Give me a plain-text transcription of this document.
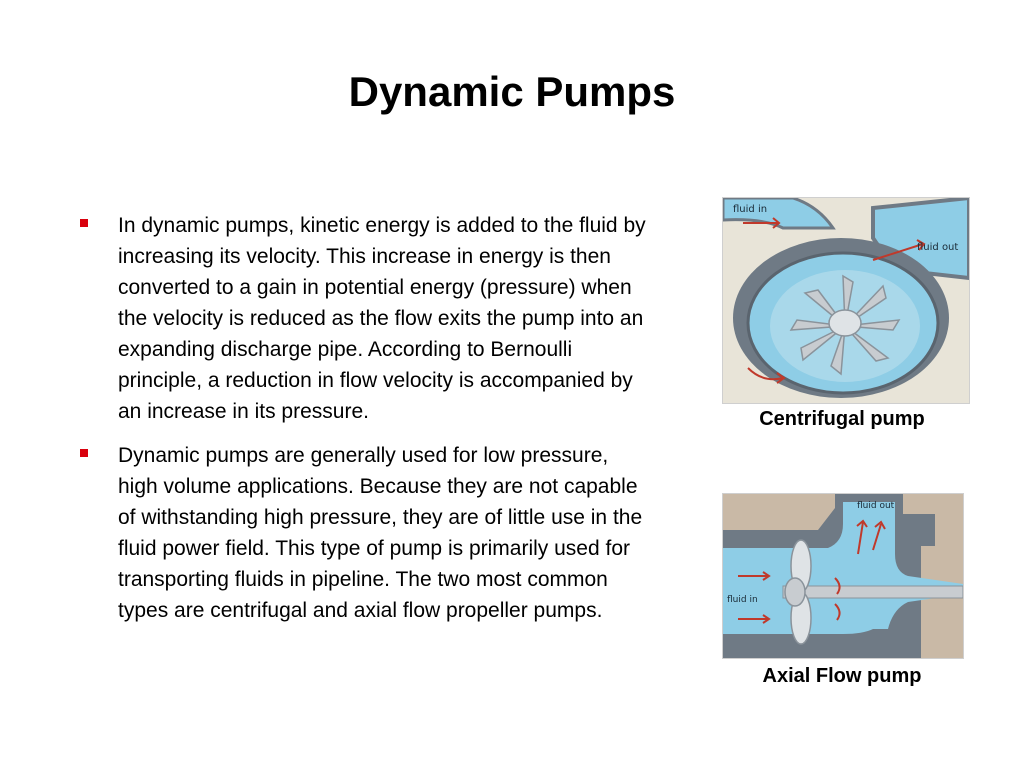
Dynamic Pumps
In dynamic pumps, kinetic energy is added to the fluid by increasing its velocity. This increase in energy is then converted to a gain in potential energy (pressure) when the velocity is reduced as the flow exits the pump into an expanding discharge pipe. According to Bernoulli principle, a reduction in flow velocity is accompanied by an increase in its pressure.
Dynamic pumps are generally used for low pressure, high volume applications. Because they are not capable of withstanding high pressure, they are of little use in the fluid power field. This type of pump is primarily used for transporting fluids in pipeline. The two most common types are centrifugal and axial flow propeller pumps.
fluid in
fluid out
Centrifugal pump
fluid in
fluid out
Axial Flow pump
